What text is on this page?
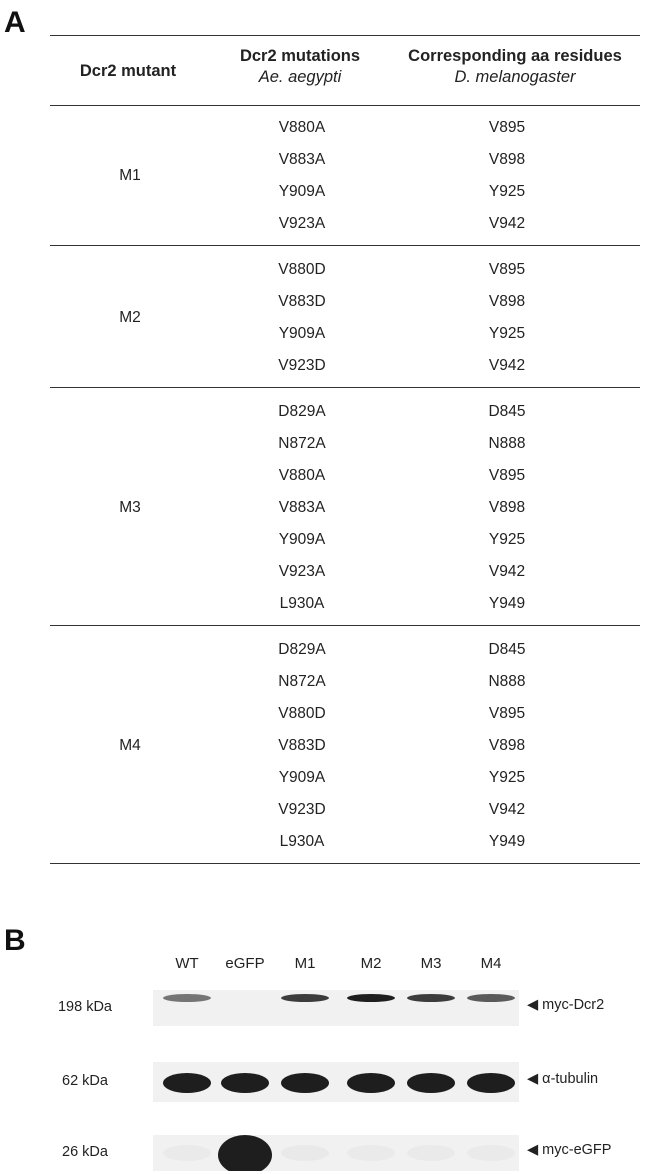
A
Dcr2 mutant
Dcr2 mutations
Ae. aegypti
Corresponding aa residues
D. melanogaster
V880A	V895
V883A	V898
Y909A	Y925
V923A	V942
M1
V880D	V895
V883D	V898
Y909A	Y925
V923D	V942
M2
D829A	D845
N872A	N888
V880A	V895
V883A	V898
Y909A	Y925
V923A	V942
L930A	Y949
M3
D829A	D845
N872A	N888
V880D	V895
V883D	V898
Y909A	Y925
V923D	V942
L930A	Y949
M4
B
WT	eGFP	M1	M2	M3	M4
198 kDa	◀ myc-Dcr2
62 kDa	◀ α-tubulin
26 kDa	◀ myc-eGFP
